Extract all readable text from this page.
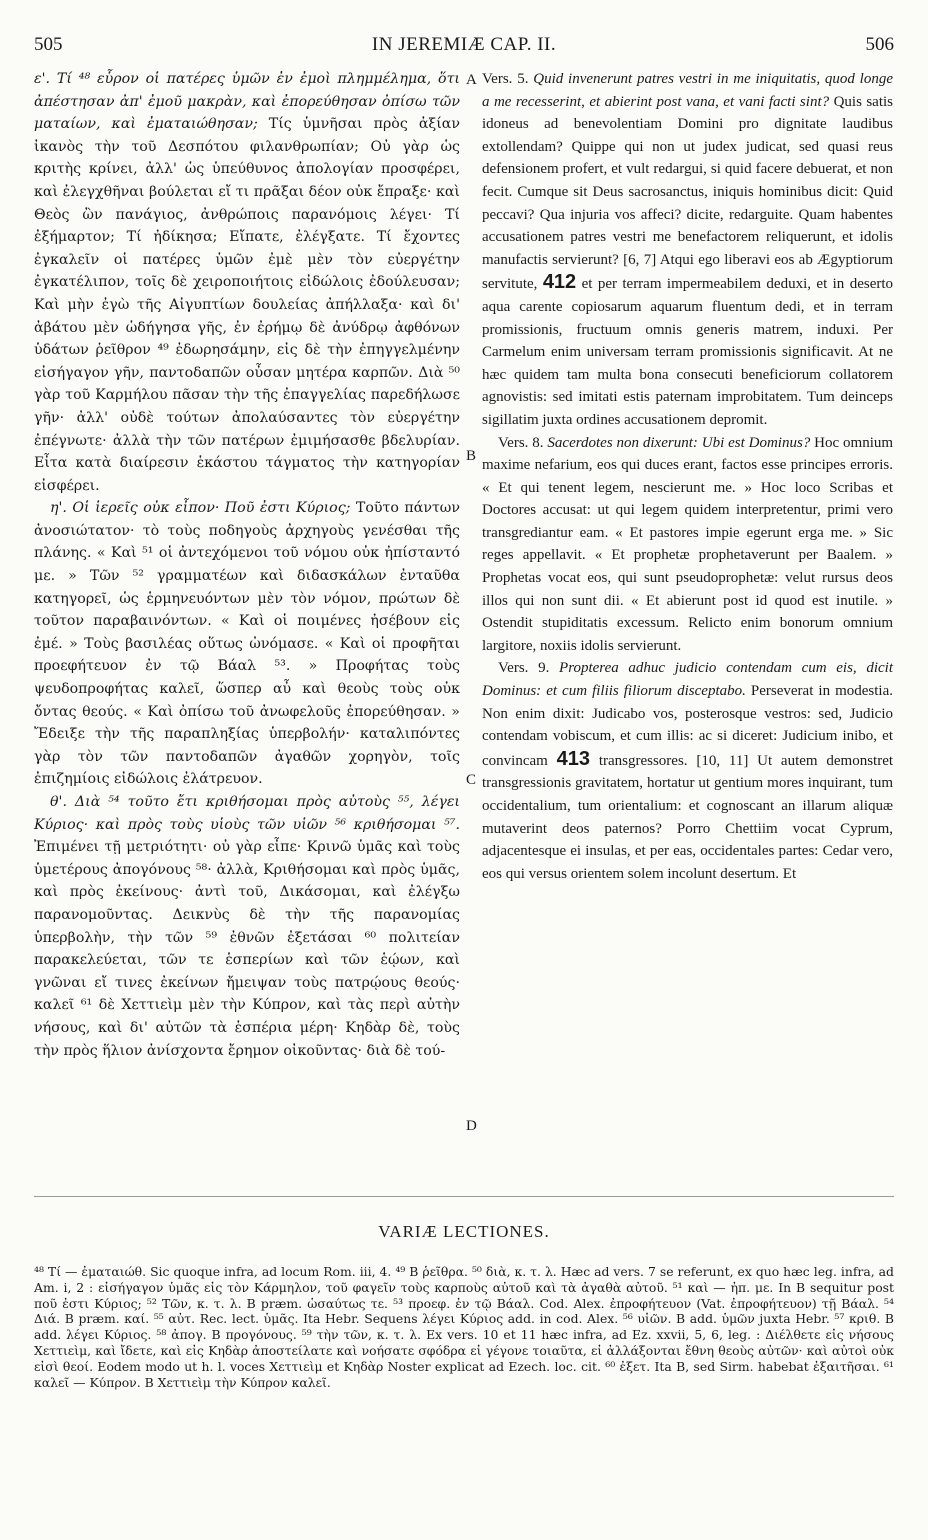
505	IN JEREMIÆ CAP. II.	506

ε'. Τί ⁴⁸ εὗρον οἱ πατέρες ὑμῶν ἐν ἐμοὶ πλημμέλημα, ὅτι ἀπέστησαν ἀπ' ἐμοῦ μακρὰν, καὶ ἐπορεύθησαν ὀπίσω τῶν ματαίων, καὶ ἐματαιώθησαν; Τίς ὑμνῆσαι πρὸς ἀξίαν ἱκανὸς τὴν τοῦ Δεσπότου φιλανθρωπίαν; Οὐ γὰρ ὡς κριτὴς κρίνει, ἀλλ' ὡς ὑπεύθυνος ἀπολογίαν προσφέρει, καὶ ἐλεγχθῆναι βούλεται εἴ τι πρᾶξαι δέον οὐκ ἔπραξε· καὶ Θεὸς ὢν πανάγιος, ἀνθρώποις παρανόμοις λέγει· Τί ἐξήμαρτον; Τί ἠδίκησα; Εἴπατε, ἐλέγξατε. Τί ἔχοντες ἐγκαλεῖν οἱ πατέρες ὑμῶν ἐμὲ μὲν τὸν εὐεργέτην ἐγκατέλιπον, τοῖς δὲ χειροποιήτοις εἰδώλοις ἐδούλευσαν; Καὶ μὴν ἐγὼ τῆς Αἰγυπτίων δουλείας ἀπήλλαξα· καὶ δι' ἀβάτου μὲν ὡδήγησα γῆς, ἐν ἐρήμῳ δὲ ἀνύδρῳ ἀφθόνων ὑδάτων ῥεῖθρον ⁴⁹ ἐδωρησάμην, εἰς δὲ τὴν ἐπηγγελμένην εἰσήγαγον γῆν, παντοδαπῶν οὖσαν μητέρα καρπῶν. Διὰ ⁵⁰ γὰρ τοῦ Καρμήλου πᾶσαν τὴν τῆς ἐπαγγελίας παρεδήλωσε γῆν· ἀλλ' οὐδὲ τούτων ἀπολαύσαντες τὸν εὐεργέτην ἐπέγνωτε· ἀλλὰ τὴν τῶν πατέρων ἐμιμήσασθε βδελυρίαν. Εἶτα κατὰ διαίρεσιν ἑκάστου τάγματος τὴν κατηγορίαν εἰσφέρει.

η'. Οἱ ἱερεῖς οὐκ εἶπον· Ποῦ ἐστι Κύριος; Τοῦτο πάντων ἀνοσιώτατον· τὸ τοὺς ποδηγοὺς ἀρχηγοὺς γενέσθαι τῆς πλάνης. « Καὶ ⁵¹ οἱ ἀντεχόμενοι τοῦ νόμου οὐκ ἠπίσταντό με. » Τῶν ⁵² γραμματέων καὶ διδασκάλων ἐνταῦθα κατηγορεῖ, ὡς ἑρμηνευόντων μὲν τὸν νόμον, πρώτων δὲ τοῦτον παραβαινόντων. « Καὶ οἱ ποιμένες ἠσέβουν εἰς ἐμέ. » Τοὺς βασιλέας οὕτως ὠνόμασε. « Καὶ οἱ προφῆται προεφήτευον ἐν τῷ Βάαλ ⁵³. » Προφήτας τοὺς ψευδοπροφήτας καλεῖ, ὥσπερ αὖ καὶ θεοὺς τοὺς οὐκ ὄντας θεούς. « Καὶ ὀπίσω τοῦ ἀνωφελοῦς ἐπορεύθησαν. » Ἔδειξε τὴν τῆς παραπληξίας ὑπερβολήν· καταλιπόντες γὰρ τὸν τῶν παντοδαπῶν ἀγαθῶν χορηγὸν, τοῖς ἐπιζημίοις εἰδώλοις ἐλάτρευον.

θ'. Διὰ ⁵⁴ τοῦτο ἔτι κριθήσομαι πρὸς αὐτοὺς ⁵⁵, λέγει Κύριος· καὶ πρὸς τοὺς υἱοὺς τῶν υἱῶν ⁵⁶ κριθήσομαι ⁵⁷. Ἐπιμένει τῇ μετριότητι· οὐ γὰρ εἶπε· Κρινῶ ὑμᾶς καὶ τοὺς ὑμετέρους ἀπογόνους ⁵⁸· ἀλλὰ, Κριθήσομαι καὶ πρὸς ὑμᾶς, καὶ πρὸς ἐκείνους· ἀντὶ τοῦ, Δικάσομαι, καὶ ἐλέγξω παρανομοῦντας. Δεικνὺς δὲ τὴν τῆς παρανομίας ὑπερβολὴν, τὴν τῶν ⁵⁹ ἐθνῶν ἐξετάσαι ⁶⁰ πολιτείαν παρακελεύεται, τῶν τε ἑσπερίων καὶ τῶν ἑῴων, καὶ γνῶναι εἴ τινες ἐκείνων ἤμειψαν τοὺς πατρῴους θεούς· καλεῖ ⁶¹ δὲ Χεττιεὶμ μὲν τὴν Κύπρον, καὶ τὰς περὶ αὐτὴν νήσους, καὶ δι' αὐτῶν τὰ ἑσπέρια μέρη· Κηδὰρ δὲ, τοὺς τὴν πρὸς ἥλιον ἀνίσχοντα ἔρημον οἰκοῦντας· διὰ δὲ τού-

A
B
C
D

Vers. 5. Quid invenerunt patres vestri in me iniquitatis, quod longe a me recesserint, et abierint post vana, et vani facti sint? Quis satis idoneus ad benevolentiam Domini pro dignitate laudibus extollendam? Quippe qui non ut judex judicat, sed quasi reus defensionem profert, et vult redargui, si quid facere debuerat, et non fecit. Cumque sit Deus sacrosanctus, iniquis hominibus dicit: Quid peccavi? Qua injuria vos affeci? dicite, redarguite. Quam habentes accusationem patres vestri me benefactorem reliquerunt, et idolis manufactis servierunt? [6, 7] Atqui ego liberavi eos ab Ægyptiorum servitute, 412 et per terram impermeabilem deduxi, et in deserto aqua carente copiosarum aquarum fluentum dedi, et in terram promissionis, fructuum omnis generis matrem, induxi. Per Carmelum enim universam terram promissionis significavit. At ne hæc quidem tam multa bona consecuti beneficiorum collatorem agnovistis: sed imitati estis paternam improbitatem. Tum deinceps sigillatim juxta ordines accusationem depromit.

Vers. 8. Sacerdotes non dixerunt: Ubi est Dominus? Hoc omnium maxime nefarium, eos qui duces erant, factos esse principes erroris. « Et qui tenent legem, nescierunt me. » Hoc loco Scribas et Doctores accusat: ut qui legem quidem interpretentur, primi vero transgrediantur eam. « Et pastores impie egerunt erga me. » Sic reges appellavit. « Et prophetæ prophetaverunt per Baalem. » Prophetas vocat eos, qui sunt pseudoprophetæ: velut rursus deos illos qui non sunt dii. « Et abierunt post id quod est inutile. » Ostendit stupiditatis excessum. Relicto enim bonorum omnium largitore, noxiis idolis servierunt.

Vers. 9. Propterea adhuc judicio contendam cum eis, dicit Dominus: et cum filiis filiorum disceptabo. Perseverat in modestia. Non enim dixit: Judicabo vos, posterosque vestros: sed, Judicio contendam vobiscum, et cum illis: ac si diceret: Judicium inibo, et convincam 413 transgressores. [10, 11] Ut autem demonstret transgressionis gravitatem, hortatur ut gentium mores inquirant, tum occidentalium, tum orientalium: et cognoscant an illarum aliquæ mutaverint deos paternos? Porro Chettiim vocat Cyprum, adjacentesque ei insulas, et per eas, occidentales partes: Cedar vero, eos qui versus orientem solem incolunt desertum. Et

VARIÆ LECTIONES.

⁴⁸ Τί — ἐματαιώθ. Sic quoque infra, ad locum Rom. iii, 4. ⁴⁹ B ῥεῖθρα. ⁵⁰ διὰ, κ. τ. λ. Hæc ad vers. 7 se referunt, ex quo hæc leg. infra, ad Am. i, 2 : εἰσήγαγον ὑμᾶς εἰς τὸν Κάρμηλον, τοῦ φαγεῖν τοὺς καρποὺς αὐτοῦ καὶ τὰ ἀγαθὰ αὐτοῦ. ⁵¹ καὶ — ἠπ. με. In B sequitur post ποῦ ἐστι Κύριος; ⁵² Τῶν, κ. τ. λ. B præm. ὡσαύτως τε. ⁵³ προεφ. ἐν τῷ Βάαλ. Cod. Alex. ἐπροφήτευον (Vat. ἐπροφήτευον) τῇ Βάαλ. ⁵⁴ Διά. B præm. καί. ⁵⁵ αὐτ. Rec. lect. ὑμᾶς. Ita Hebr. Sequens λέγει Κύριος add. in cod. Alex. ⁵⁶ υἱῶν. B add. ὑμῶν juxta Hebr. ⁵⁷ κριθ. B add. λέγει Κύριος. ⁵⁸ ἀπογ. B προγόνους. ⁵⁹ τὴν τῶν, κ. τ. λ. Ex vers. 10 et 11 hæc infra, ad Ez. xxvii, 5, 6, leg. : Διέλθετε εἰς νήσους Χεττιεὶμ, καὶ ἴδετε, καὶ εἰς Κηδὰρ ἀποστείλατε καὶ νοήσατε σφόδρα εἰ γέγονε τοιαῦτα, εἰ ἀλλάξονται ἔθνη θεοὺς αὐτῶν· καὶ αὐτοὶ οὐκ εἰσὶ θεοί. Eodem modo ut h. l. voces Χεττιεὶμ et Κηδὰρ Noster explicat ad Ezech. loc. cit. ⁶⁰ ἐξετ. Ita B, sed Sirm. habebat ἐξαιτῆσαι. ⁶¹ καλεῖ — Κύπρον. B Χεττιεὶμ τὴν Κύπρον καλεῖ.
